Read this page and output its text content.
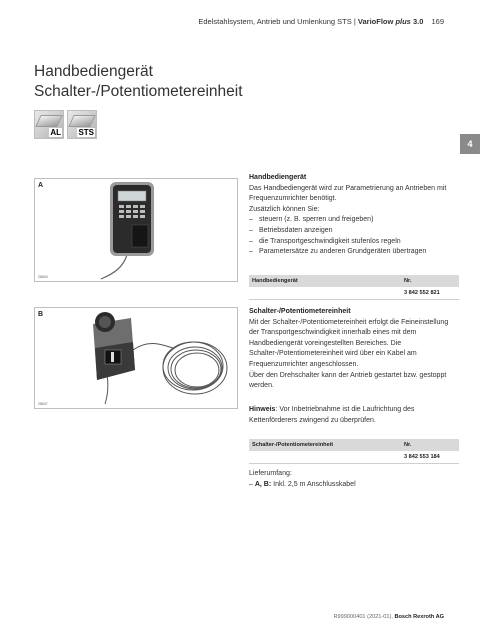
Edelstahlsystem, Antrieb und Umlenkung STS | VarioFlow plus 3.0 169
Handbediengerät
Schalter-/Potentiometereinheit
AL STS
4
A
28604
B
28607

Handbediengerät

Das Handbediengerät wird zur Parametrierung an Antrieben mit Frequenzumrichter benötigt.

Zusätzlich können Sie:

– steuern (z. B. sperren und freigeben)
– Betriebsdaten anzeigen
– die Transportgeschwindigkeit stufenlos regeln
– Parametersätze zu anderen Grundgeräten übertragen
Handbediengerät	Nr.
	3 842 552 821

Schalter-/Potentiometereinheit

Mit der Schalter-/Potentiometereinheit erfolgt die Feineinstellung der Transportgeschwindigkeit innerhalb eines mit dem Handbediengerät voreingestellten Bereiches. Die Schalter-/Potentiometereinheit wird über ein Kabel am Frequenzumrichter angeschlossen.

Über den Drehschalter kann der Antrieb gestartet bzw. gestoppt werden.

Hinweis: Vor Inbetriebnahme ist die Laufrichtung des Kettenförderers zwingend zu überprüfen.
Schalter-/Potentiometereinheit	Nr.
	3 842 553 184
Lieferumfang:
– A, B: Inkl. 2,5 m Anschlusskabel
R999000401 (2021-01), Bosch Rexroth AG
